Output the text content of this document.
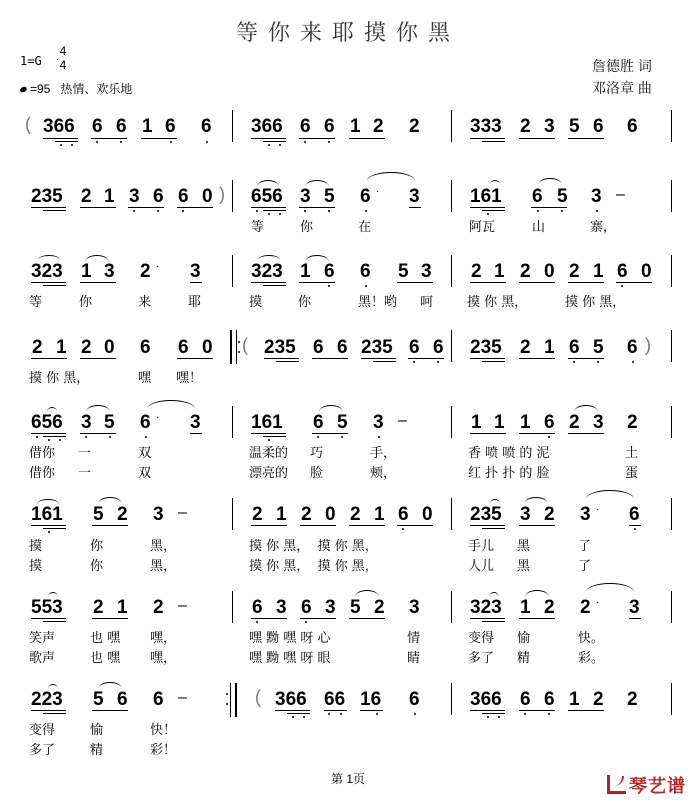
等你来耶摸你黑
1=G
4
4
=95 热情、欢乐地
詹德胜 词
邓洛章 曲
( 366 6 6 1 6 6 366 6 6 1 2 2	333 2 3 5 6 6
235 2 1 3 6 6 0 ) 656 3 5 6 · 3	161 6 5 3 –
等	你	在	阿瓦	山	寨，
323 1 3 2 · 3	323 1 6 6 5 3 2 1 2 0 2 1 6 0
等	你	来	耶	摸	你	黑！哟 呵	摸 你 黑，	摸 你 黑，
2 1 2 0 6 6 0 ( 235 6 6 235 6 6 235 2 1 6 5 6 )
摸 你 黑，	嘿 嘿！
656 3 5 6 · 3	161 6 5 3 –	1 1 1 6 2 3 2
借你 一	双	温柔的 巧	手，	香 喷 喷 的 泥	土
借你 一	双	漂亮的 脸	颊，	红 扑 扑 的 脸	蛋
161 5 2 3 –	2 1 2 0 2 1 6 0 235 3 2 3 · 6
摸	你	黑，	摸 你 黑，  摸 你 黑，	手儿 黑	了
摸	你	黑，	摸 你 黑，  摸 你 黑，	人儿 黑	了
553 2 1 2 –	6 3 6 3 5 2 3	323 1 2 2 · 3
笑声	也 嘿 嘿，	嘿 黝 嘿 呀 心	情	变得 愉	快。
歌声	也 嘿 嘿，	嘿 黝 嘿 呀 眼	睛	多了 精	彩。
223 5 6 6 –	( 366 66 16 6	366 6 6 1 2 2
变得	愉	快！
多了	精	彩！
第 1页	琴艺谱
